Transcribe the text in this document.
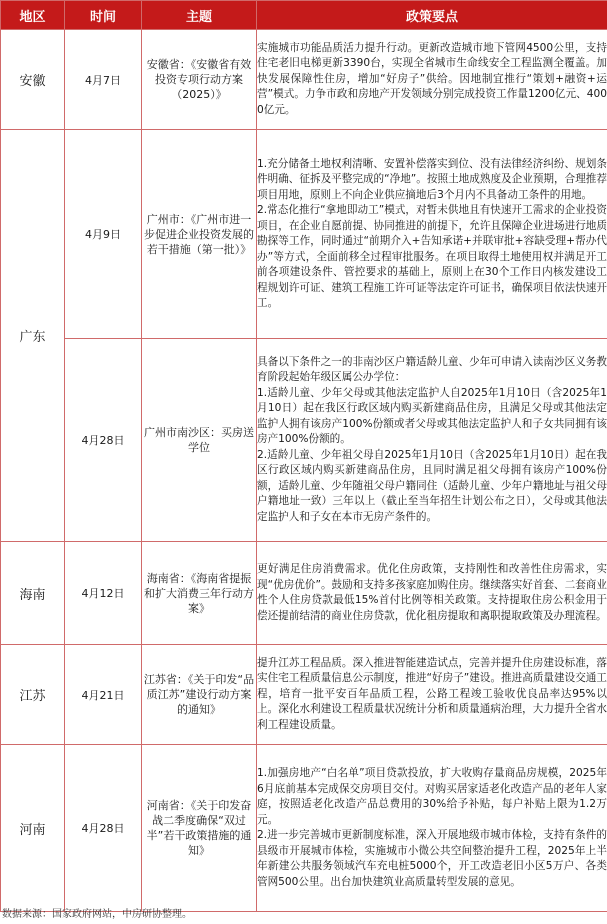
地区	时间	主题	政策要点
安徽	4月7日	安徽省：《安徽省有效投资专项行动方案（2025）》	实施城市功能品质活力提升行动。更新改造城市地下管网4500公里，支持住宅老旧电梯更新3390台，实现全省城市生命线安全工程监测全覆盖。加快发展保障性住房，增加“好房子”供给。因地制宜推行“策划+融资+运营”模式。力争市政和房地产开发领域分别完成投资工作量1200亿元、4000亿元。

广东	4月9日	广州市：《广州市进一步促进企业投资发展的若干措施（第一批）》	1.充分储备土地权利清晰、安置补偿落实到位、没有法律经济纠纷、规划条件明确、征拆及平整完成的“净地”。按照土地成熟度及企业预期，合理推荐项目用地，原则上不向企业供应摘地后3个月内不具备动工条件的用地。
2.常态化推行“拿地即动工”模式，对暂未供地且有快速开工需求的企业投资项目，在企业自愿前提、协同推进的前提下，允许且保障企业进场进行地质勘探等工作，同时通过“前期介入+告知承诺+并联审批+容缺受理+帮办代办”等方式，全面前移全过程审批服务。在项目取得土地使用权并满足开工前各项建设条件、管控要求的基础上，原则上在30个工作日内核发建设工程规划许可证、建筑工程施工许可证等法定许可证书，确保项目依法快速开工。

	4月28日	广州市南沙区：买房送学位	具备以下条件之一的非南沙区户籍适龄儿童、少年可申请入读南沙区义务教育阶段起始年级区属公办学位：
1.适龄儿童、少年父母或其他法定监护人自2025年1月10日（含2025年1月10日）起在我区行政区域内购买新建商品住房，且满足父母或其他法定监护人拥有该房产100%份额或者父母或其他法定监护人和子女共同拥有该房产100%份额的。
2.适龄儿童、少年祖父母自2025年1月10日（含2025年1月10日）起在我区行政区域内购买新建商品住房，且同时满足祖父母拥有该房产100%份额，适龄儿童、少年随祖父母户籍同住（适龄儿童、少年户籍地址与祖父母户籍地址一致）三年以上（截止至当年招生计划公布之日），父母或其他法定监护人和子女在本市无房产条件的。

海南	4月12日	海南省：《海南省提振和扩大消费三年行动方案》	更好满足住房消费需求。优化住房政策，支持刚性和改善性住房需求，实现“优房优价”。鼓励和支持多孩家庭加购住房。继续落实好首套、二套商业性个人住房贷款最低15%首付比例等相关政策。支持提取住房公积金用于偿还提前结清的商业住房贷款，优化租房提取和离职提取政策及办理流程。

江苏	4月21日	江苏省：《关于印发“品质江苏”建设行动方案的通知》	提升江苏工程品质。深入推进智能建造试点，完善并提升住房建设标准，落实住宅工程质量信息公示制度，推进“好房子”建设。推进高质量建设交通工程，培育一批平安百年品质工程，公路工程竣工验收优良品率达95%以上。深化水利建设工程质量状况统计分析和质量通病治理，大力提升全省水利工程建设质量。

河南	4月28日	河南省：《关于印发奋战二季度确保“双过半”若干政策措施的通知》	1.加强房地产“白名单”项目贷款投放，扩大收购存量商品房规模，2025年6月底前基本完成保交房项目交付。对购买居家适老化改造产品的老年人家庭，按照适老化改造产品总费用的30%给予补贴，每户补贴上限为1.2万元。
2.进一步完善城市更新制度标准，深入开展地级市城市体检，支持有条件的县级市开展城市体检，实施城市小微公共空间整治提升工程，2025年上半年新建公共服务领域汽车充电桩5000个，开工改造老旧小区5万户、各类管网500公里。出台加快建筑业高质量转型发展的意见。
数据来源：国家政府网站，中房研协整理。
